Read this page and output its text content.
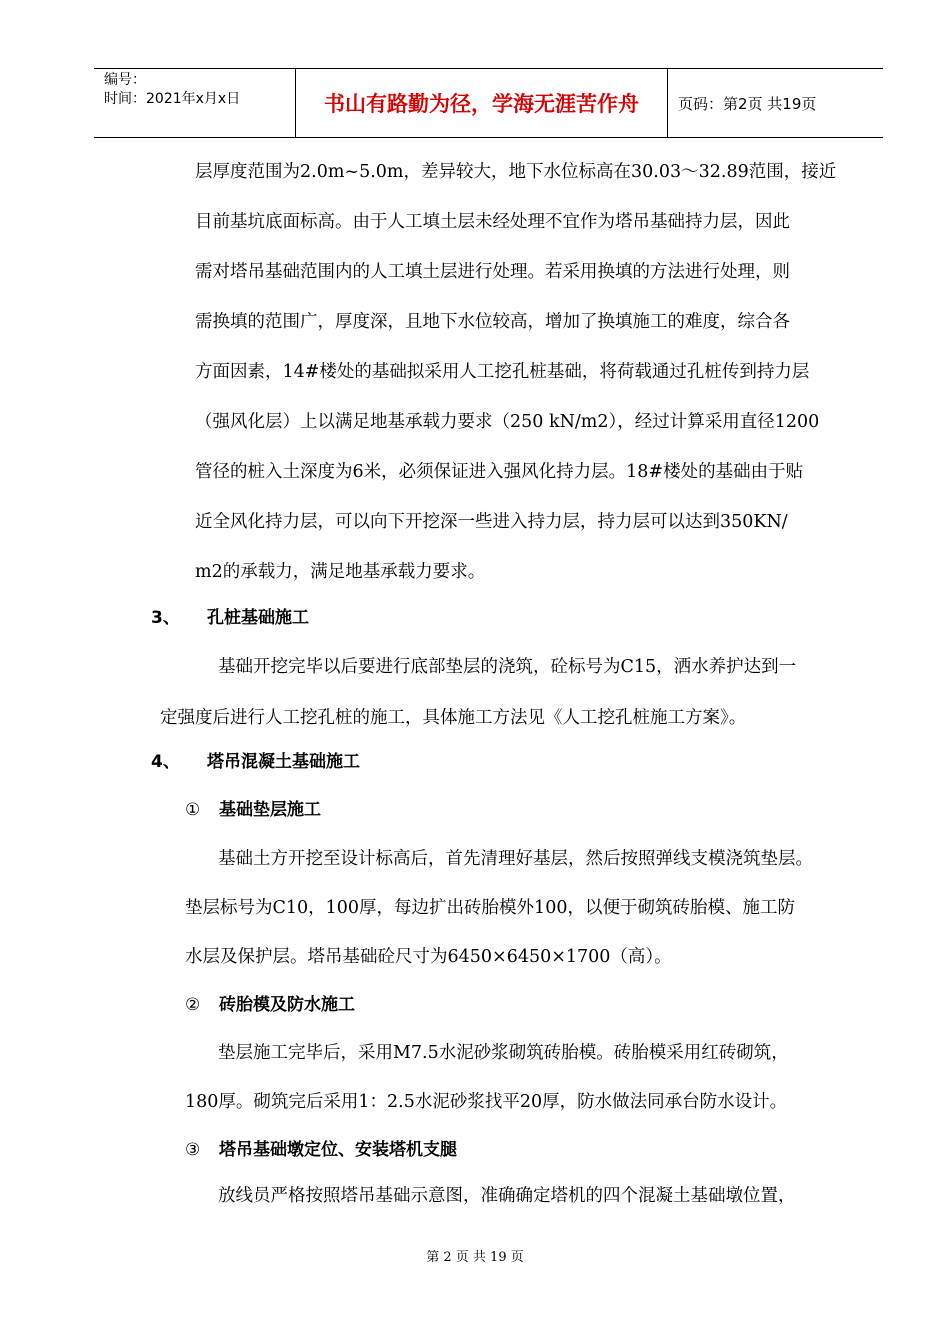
编号：
时间：2021年x月x日	书山有路勤为径，学海无涯苦作舟	页码：第2页 共19页
层厚度范围为2.0m~5.0m，差异较大，地下水位标高在30.03～32.89范围，接近
目前基坑底面标高。由于人工填土层未经处理不宜作为塔吊基础持力层，因此
需对塔吊基础范围内的人工填土层进行处理。若采用换填的方法进行处理，则
需换填的范围广，厚度深，且地下水位较高，增加了换填施工的难度，综合各
方面因素，14#楼处的基础拟采用人工挖孔桩基础，将荷载通过孔桩传到持力层
（强风化层）上以满足地基承载力要求（250 kN/m2），经过计算采用直径1200
管径的桩入土深度为6米，必须保证进入强风化持力层。18#楼处的基础由于贴
近全风化持力层，可以向下开挖深一些进入持力层，持力层可以达到350KN/
m2的承载力，满足地基承载力要求。
3、 孔桩基础施工
基础开挖完毕以后要进行底部垫层的浇筑，砼标号为C15，洒水养护达到一
定强度后进行人工挖孔桩的施工，具体施工方法见《人工挖孔桩施工方案》。
4、 塔吊混凝土基础施工
① 基础垫层施工
基础土方开挖至设计标高后，首先清理好基层，然后按照弹线支模浇筑垫层。
垫层标号为C10，100厚，每边扩出砖胎模外100，以便于砌筑砖胎模、施工防
水层及保护层。塔吊基础砼尺寸为6450×6450×1700（高）。
② 砖胎模及防水施工
垫层施工完毕后，采用M7.5水泥砂浆砌筑砖胎模。砖胎模采用红砖砌筑，
180厚。砌筑完后采用1：2.5水泥砂浆找平20厚，防水做法同承台防水设计。
③ 塔吊基础墩定位、安装塔机支腿
放线员严格按照塔吊基础示意图，准确确定塔机的四个混凝土基础墩位置，
第 2 页 共 19 页
